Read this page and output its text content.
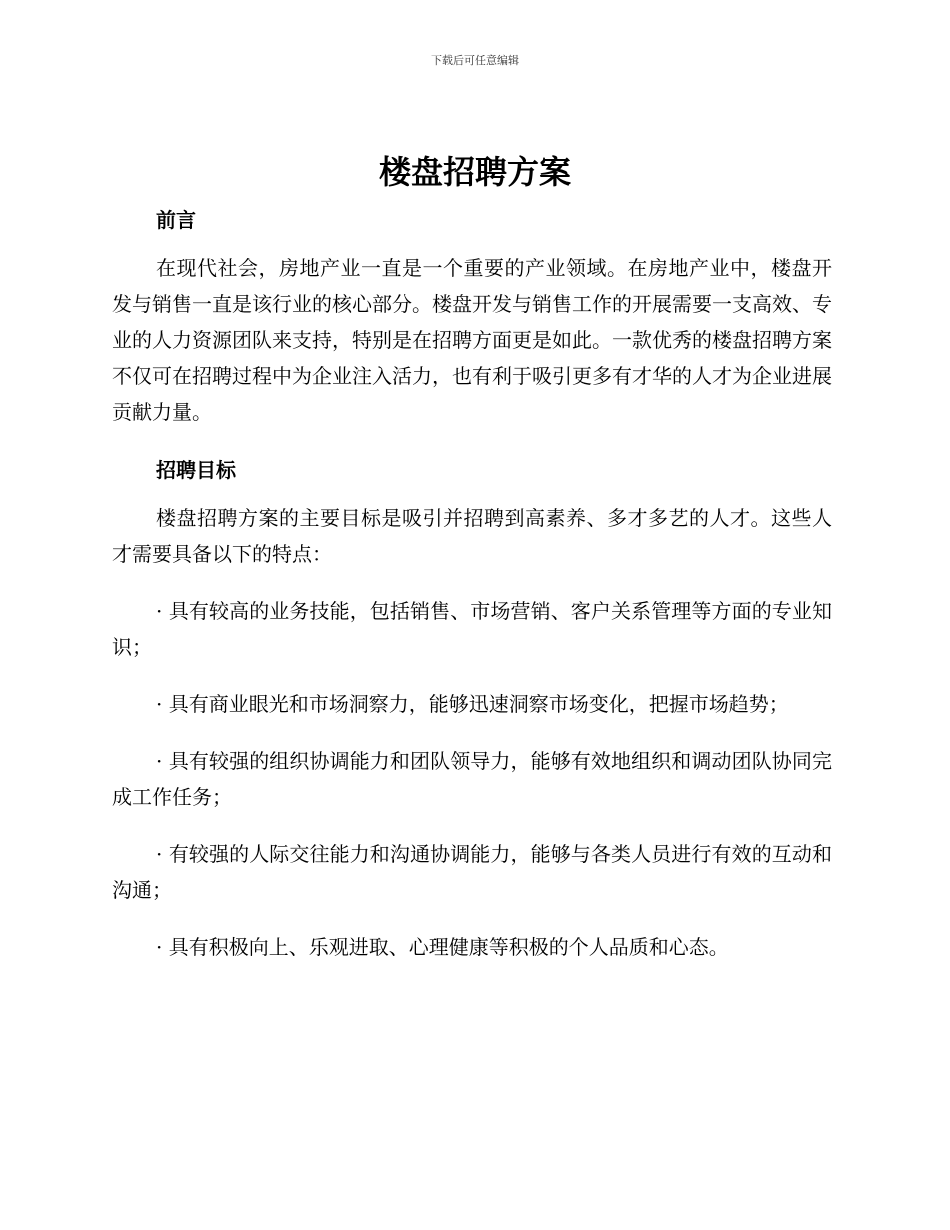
下载后可任意编辑
楼盘招聘方案
前言

在现代社会，房地产业一直是一个重要的产业领域。在房地产业中，楼盘开发与销售一直是该行业的核心部分。楼盘开发与销售工作的开展需要一支高效、专业的人力资源团队来支持，特别是在招聘方面更是如此。一款优秀的楼盘招聘方案不仅可在招聘过程中为企业注入活力，也有利于吸引更多有才华的人才为企业进展贡献力量。

招聘目标

楼盘招聘方案的主要目标是吸引并招聘到高素养、多才多艺的人才。这些人才需要具备以下的特点：

· 具有较高的业务技能，包括销售、市场营销、客户关系管理等方面的专业知识；

· 具有商业眼光和市场洞察力，能够迅速洞察市场变化，把握市场趋势；

· 具有较强的组织协调能力和团队领导力，能够有效地组织和调动团队协同完成工作任务；

· 有较强的人际交往能力和沟通协调能力，能够与各类人员进行有效的互动和沟通；

· 具有积极向上、乐观进取、心理健康等积极的个人品质和心态。
